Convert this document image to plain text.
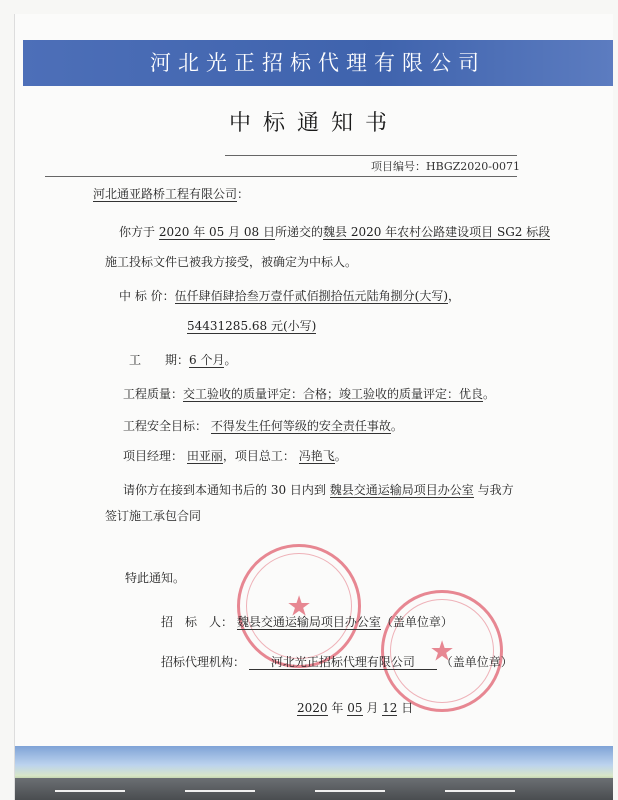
河北光正招标代理有限公司
中标通知书
项目编号：HBGZ2020-0071
河北通亚路桥工程有限公司：
你方于 2020 年 05 月 08 日所递交的魏县 2020 年农村公路建设项目 SG2 标段
施工投标文件已被我方接受，被确定为中标人。
中 标 价：伍仟肆佰肆拾叁万壹仟贰佰捌拾伍元陆角捌分(大写)，
54431285.68 元(小写)
工　　期：6 个月。
工程质量：交工验收的质量评定：合格；竣工验收的质量评定：优良。
工程安全目标： 不得发生任何等级的安全责任事故。
项目经理： 田亚丽，项目总工： 冯艳飞。
请你方在接到本通知书后的 30 日内到 魏县交通运输局项目办公室 与我方
签订施工承包合同
特此通知。
★
★
招　标　人： 魏县交通运输局项目办公室（盖单位章）
招标代理机构： 河北光正招标代理有限公司 （盖单位章）
2020 年 05 月 12 日
